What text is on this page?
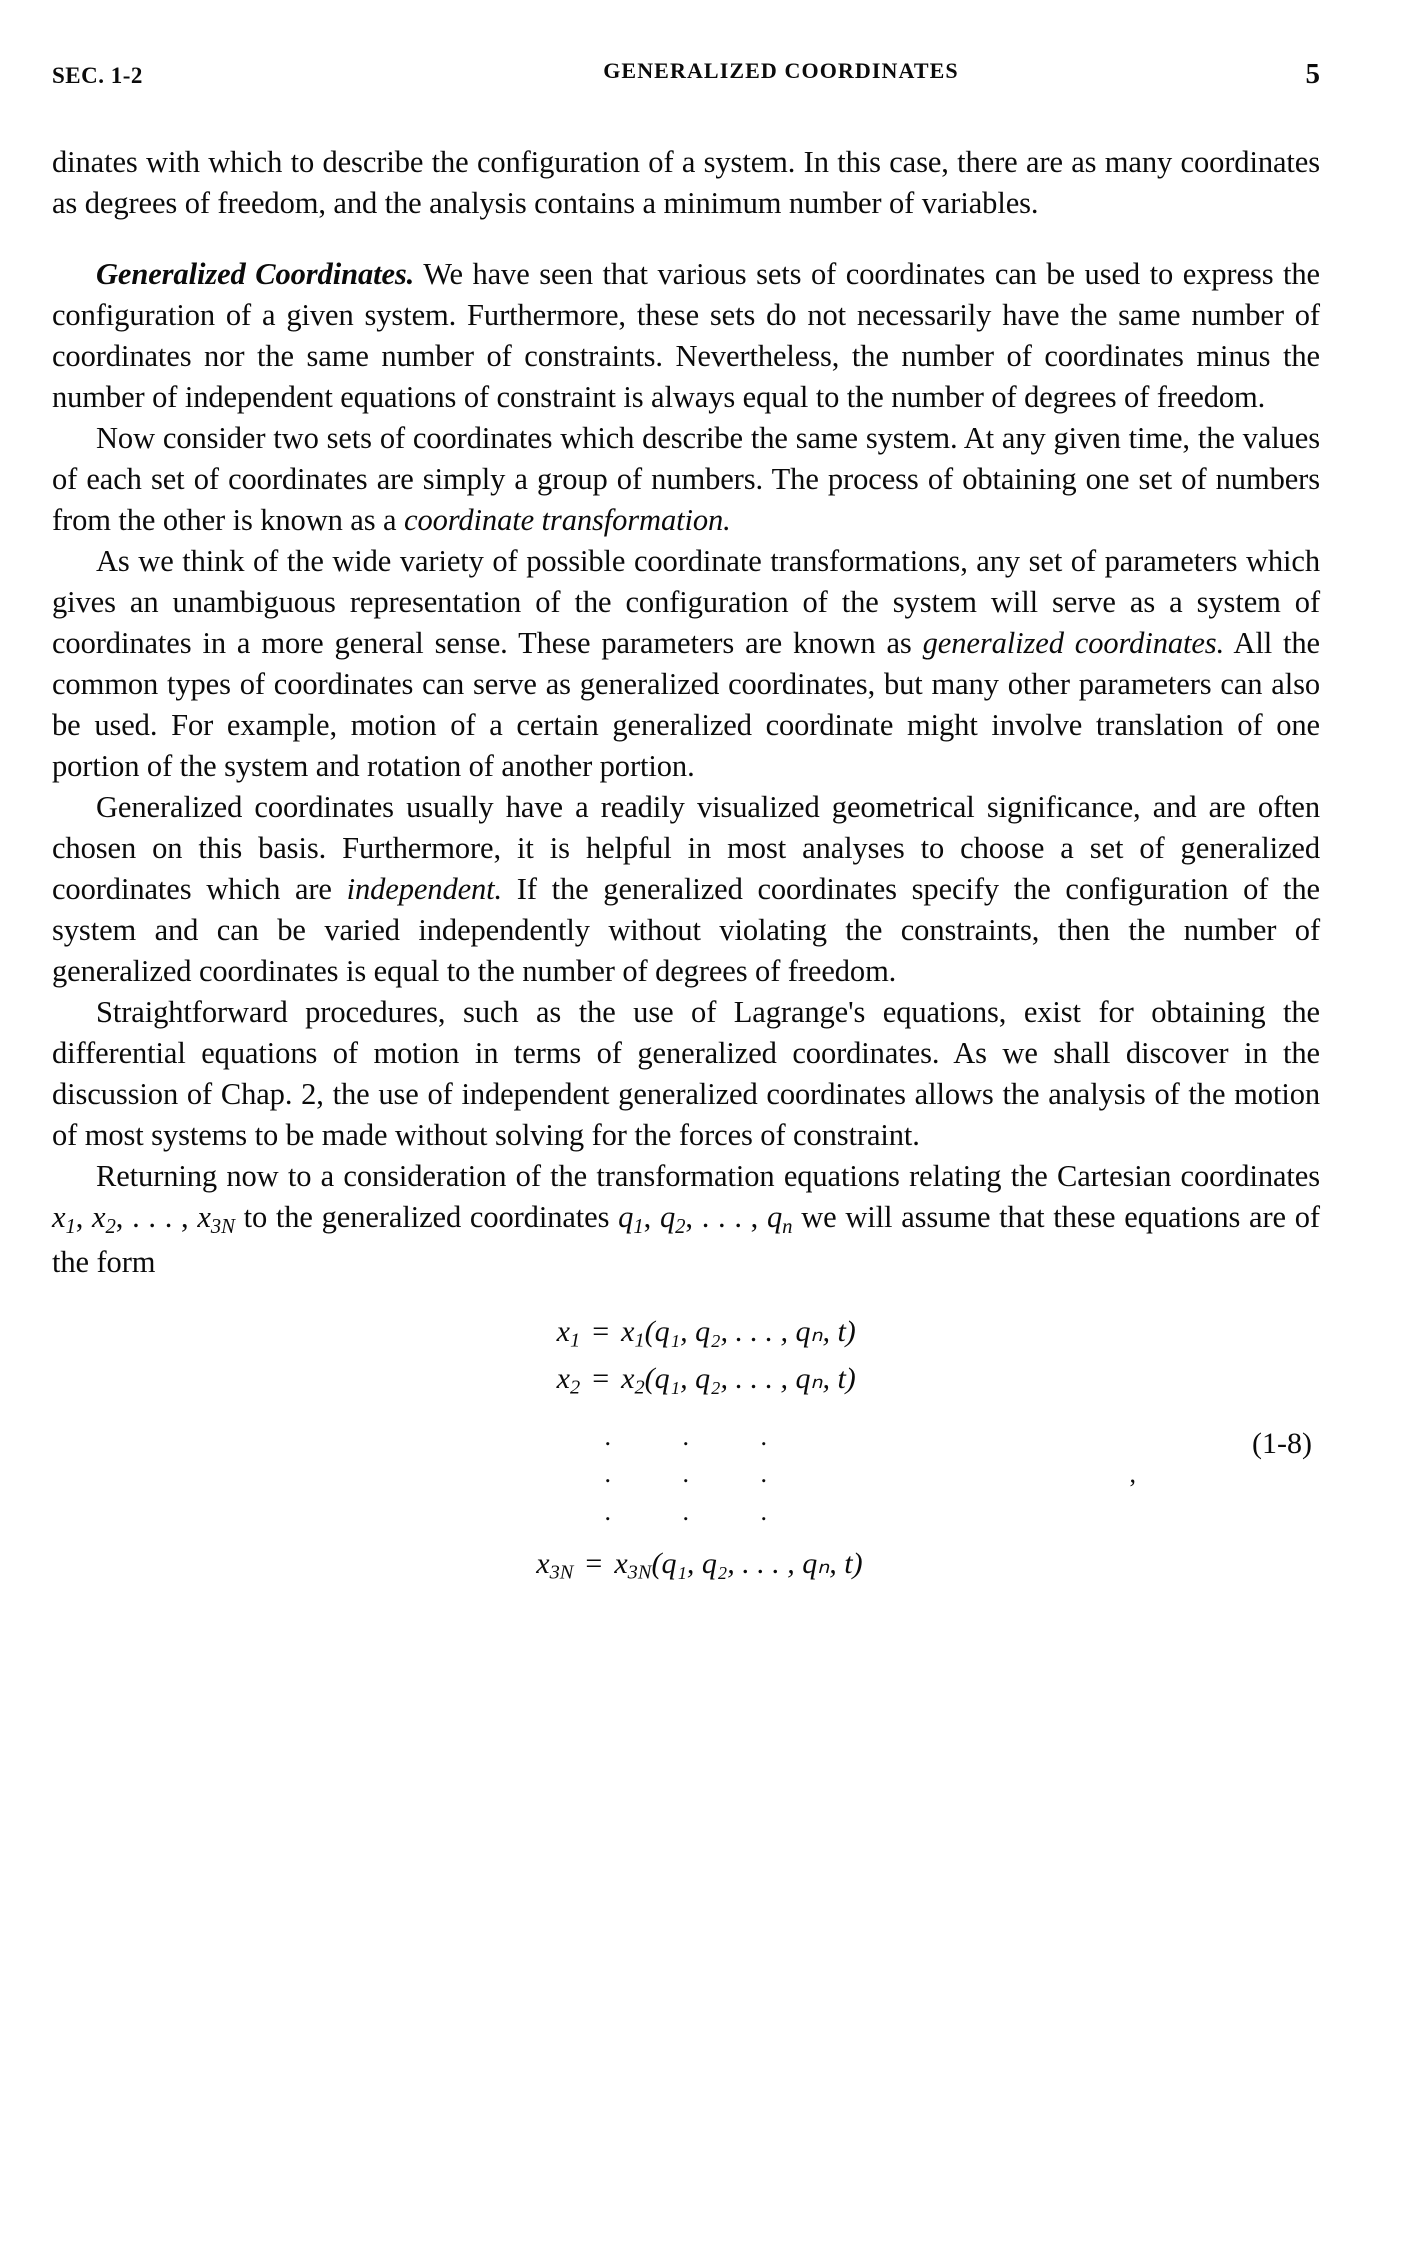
SEC. 1-2	GENERALIZED COORDINATES	5

dinates with which to describe the configuration of a system. In this case, there are as many coordinates as degrees of freedom, and the analysis contains a minimum number of variables.

Generalized Coordinates. We have seen that various sets of coordinates can be used to express the configuration of a given system. Furthermore, these sets do not necessarily have the same number of coordinates nor the same number of constraints. Nevertheless, the number of coordinates minus the number of independent equations of constraint is always equal to the number of degrees of freedom.

Now consider two sets of coordinates which describe the same system. At any given time, the values of each set of coordinates are simply a group of numbers. The process of obtaining one set of numbers from the other is known as a coordinate transformation.

As we think of the wide variety of possible coordinate transformations, any set of parameters which gives an unambiguous representation of the configuration of the system will serve as a system of coordinates in a more general sense. These parameters are known as generalized coordinates. All the common types of coordinates can serve as generalized coordinates, but many other parameters can also be used. For example, motion of a certain generalized coordinate might involve translation of one portion of the system and rotation of another portion.

Generalized coordinates usually have a readily visualized geometrical significance, and are often chosen on this basis. Furthermore, it is helpful in most analyses to choose a set of generalized coordinates which are independent. If the generalized coordinates specify the configuration of the system and can be varied independently without violating the constraints, then the number of generalized coordinates is equal to the number of degrees of freedom.

Straightforward procedures, such as the use of Lagrange's equations, exist for obtaining the differential equations of motion in terms of generalized coordinates. As we shall discover in the discussion of Chap. 2, the use of independent generalized coordinates allows the analysis of the motion of most systems to be made without solving for the forces of constraint.

Returning now to a consideration of the transformation equations relating the Cartesian coordinates $x_1$, $x_2$, . . . , $x_{3N}$ to the generalized coordinates $q_1$, $q_2$, . . . , $q_n$ we will assume that these equations are of the form

$x_1 = x_1(q_1$, q₂, . . . , qₙ, t)
$x_2 = x_2(q_1$, q₂, . . . , qₙ, t)
.	.	.
.	.	.
.	.	.
$x_{3N} = x_{3N}(q_1$, q₂, . . . , qₙ, t)
(1-8)
,
